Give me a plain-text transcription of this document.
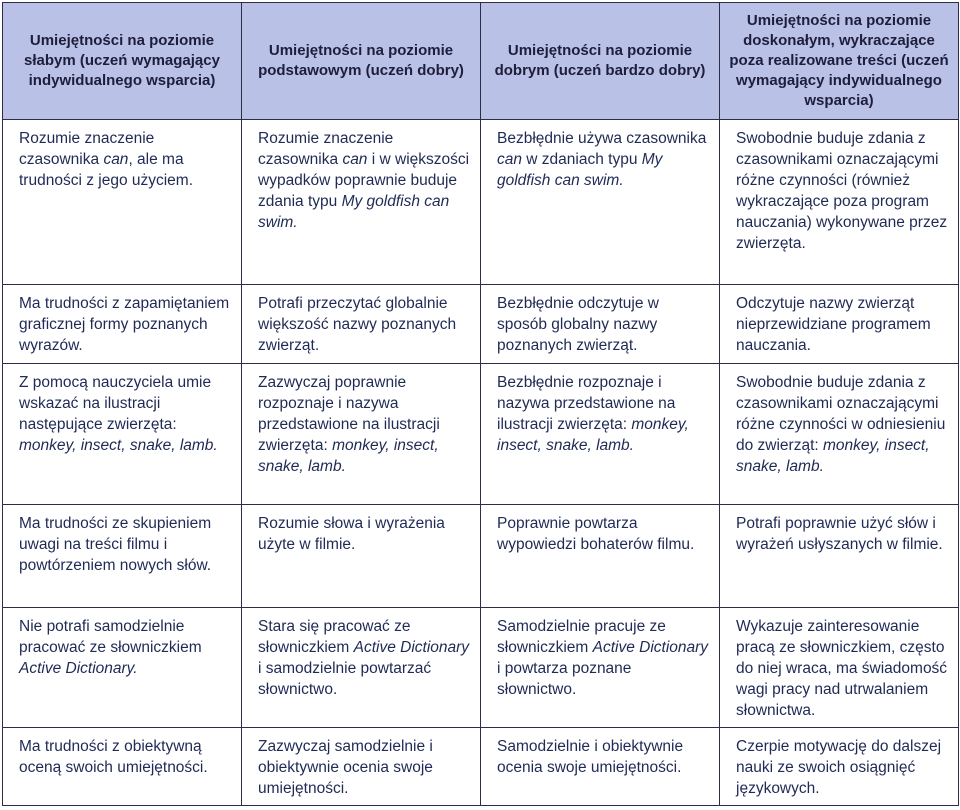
Umiejętności na poziomie słabym (uczeń wymagający indywidualnego wsparcia)	Umiejętności na poziomie podstawowym (uczeń dobry)	Umiejętności na poziomie dobrym (uczeń bardzo dobry)	Umiejętności na poziomie doskonałym, wykraczające poza realizowane treści (uczeń wymagający indywidualnego wsparcia)
Rozumie znaczenie czasownika can, ale ma trudności z jego użyciem.	Rozumie znaczenie czasownika can i w większości wypadków poprawnie buduje zdania typu My goldfish can swim.	Bezbłędnie używa czasownika can w zdaniach typu My goldfish can swim.	Swobodnie buduje zdania z czasownikami oznaczającymi różne czynności (również wykraczające poza program nauczania) wykonywane przez zwierzęta.
Ma trudności z zapamiętaniem graficznej formy poznanych wyrazów.	Potrafi przeczytać globalnie większość nazwy poznanych zwierząt.	Bezbłędnie odczytuje w sposób globalny nazwy poznanych zwierząt.	Odczytuje nazwy zwierząt nieprzewidziane programem nauczania.
Z pomocą nauczyciela umie wskazać na ilustracji następujące zwierzęta: monkey, insect, snake, lamb.	Zazwyczaj poprawnie rozpoznaje i nazywa przedstawione na ilustracji zwierzęta: monkey, insect, snake, lamb.	Bezbłędnie rozpoznaje i nazywa przedstawione na ilustracji zwierzęta: monkey, insect, snake, lamb.	Swobodnie buduje zdania z czasownikami oznaczającymi różne czynności w odniesieniu do zwierząt: monkey, insect, snake, lamb.
Ma trudności ze skupieniem uwagi na treści filmu i powtórzeniem nowych słów.	Rozumie słowa i wyrażenia użyte w filmie.	Poprawnie powtarza wypowiedzi bohaterów filmu.	Potrafi poprawnie użyć słów i wyrażeń usłyszanych w filmie.
Nie potrafi samodzielnie pracować ze słowniczkiem Active Dictionary.	Stara się pracować ze słowniczkiem Active Dictionary i samodzielnie powtarzać słownictwo.	Samodzielnie pracuje ze słowniczkiem Active Dictionary i powtarza poznane słownictwo.	Wykazuje zainteresowanie pracą ze słowniczkiem, często do niej wraca, ma świadomość wagi pracy nad utrwalaniem słownictwa.
Ma trudności z obiektywną oceną swoich umiejętności.	Zazwyczaj samodzielnie i obiektywnie ocenia swoje umiejętności.	Samodzielnie i obiektywnie ocenia swoje umiejętności.	Czerpie motywację do dalszej nauki ze swoich osiągnięć językowych.
